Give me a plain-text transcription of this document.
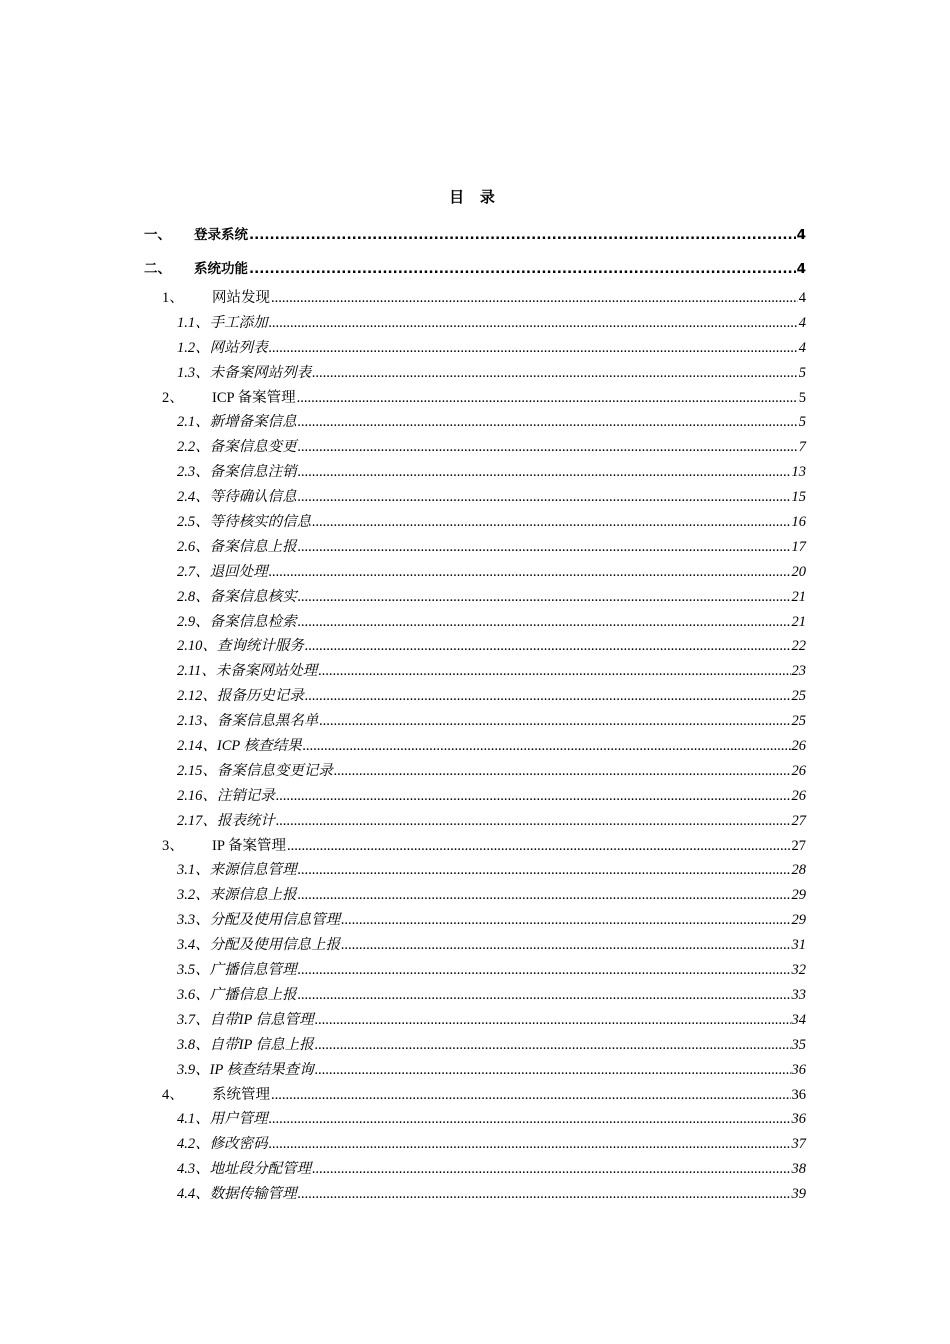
目 录
一、	登录系统 .....	4
二、	系统功能 .....	4
1、	网站发现 .....	4
1.1 、手工添加 .....	4
1.2 、网站列表 .....	4
1.3 、未备案网站列表 .....	5
2、	ICP 备案管理 .....	5
2.1 、新增备案信息 .....	5
2.2 、备案信息变更 .....	7
2.3 、备案信息注销 .....	13
2.4 、等待确认信息 .....	15
2.5 、等待核实的信息 .....	16
2.6 、备案信息上报 .....	17
2.7 、退回处理 .....	20
2.8 、备案信息核实 .....	21
2.9 、备案信息检索 .....	21
2.10 、查询统计服务 .....	22
2.11 、未备案网站处理 .....	23
2.12 、报备历史记录 .....	25
2.13 、备案信息黑名单 .....	25
2.14 、ICP 核查结果 .....	26
2.15 、备案信息变更记录 .....	26
2.16 、注销记录 .....	26
2.17 、报表统计 .....	27
3、	IP 备案管理 .....	27
3.1 、来源信息管理 .....	28
3.2 、来源信息上报 .....	29
3.3 、分配及使用信息管理 .....	29
3.4 、分配及使用信息上报 .....	31
3.5 、广播信息管理 .....	32
3.6 、广播信息上报 .....	33
3.7 、自带IP 信息管理 .....	34
3.8 、自带IP 信息上报 .....	35
3.9 、IP 核查结果查询 .....	36
4、	系统管理 .....	36
4.1 、用户管理 .....	36
4.2 、修改密码 .....	37
4.3 、地址段分配管理 .....	38
4.4 、数据传输管理 .....	39
